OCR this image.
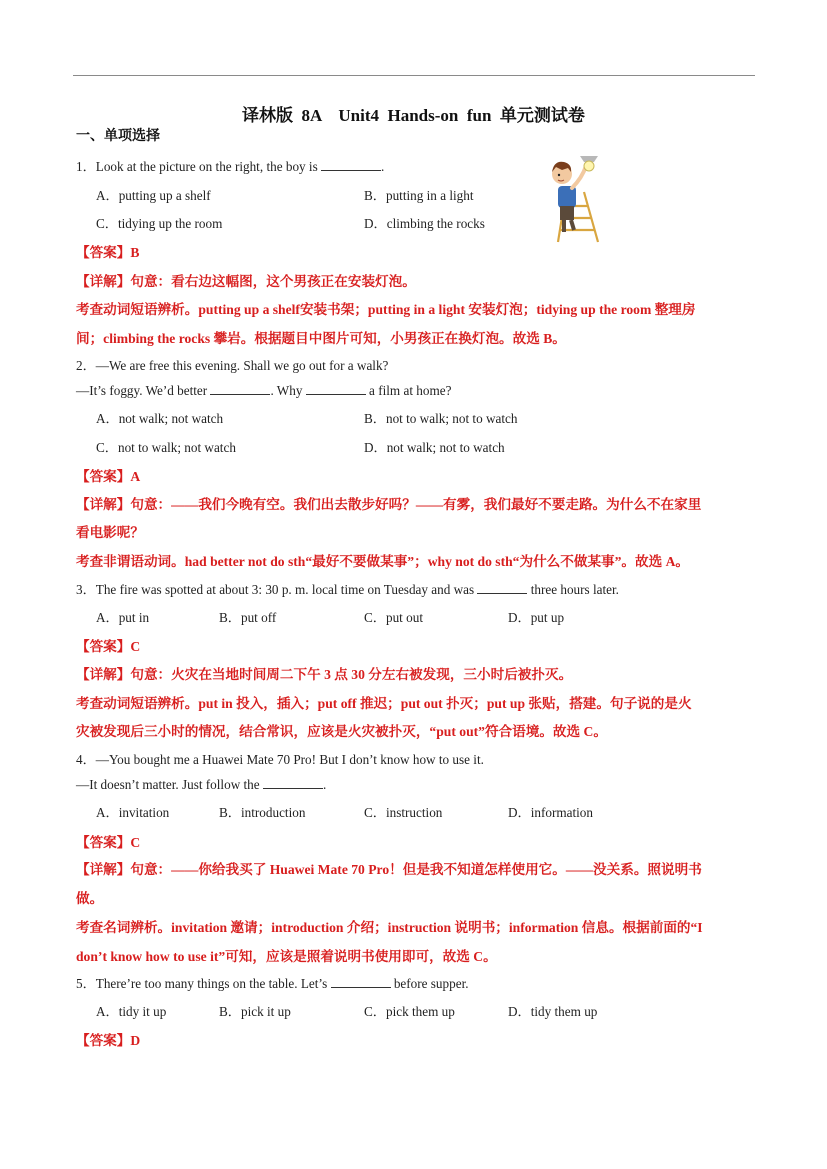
译林版  8A    Unit4  Hands-on  fun  单元测试卷
一、单项选择
1．Look at the picture on the right, the boy is	.
A．putting up a shelf	B．putting in a light
C．tidying up the room	D．climbing the rocks
【答案】B
【详解】句意：看右边这幅图，这个男孩正在安装灯泡。
考查动词短语辨析。putting up a shelf安装书架；putting in a light 安装灯泡；tidying up the room 整理房
间；climbing the rocks 攀岩。根据题目中图片可知，小男孩正在换灯泡。故选 B。
2．—We are free this evening. Shall we go out for a walk?
—It’s foggy. We’d better	. Why	a film at home?
A．not walk; not watch	B．not to walk; not to watch
C．not to walk; not watch	D．not walk; not to watch
【答案】A
【详解】句意：——我们今晚有空。我们出去散步好吗？——有雾，我们最好不要走路。为什么不在家里
看电影呢？
考查非谓语动词。had better not do sth“最好不要做某事”；why not do sth“为什么不做某事”。故选 A。
3．The fire was spotted at about 3: 30 p. m. local time on Tuesday and was	three hours later.
A．put in	B．put off	C．put out	D．put up
【答案】C
【详解】句意：火灾在当地时间周二下午 3 点 30 分左右被发现，三小时后被扑灭。
考查动词短语辨析。put in 投入，插入；put off 推迟；put out 扑灭；put up 张贴，搭建。句子说的是火
灾被发现后三小时的情况，结合常识，应该是火灾被扑灭，“put out”符合语境。故选 C。
4．—You bought me a Huawei Mate 70 Pro! But I don’t know how to use it.
—It doesn’t matter. Just follow the	.
A．invitation	B．introduction	C．instruction	D．information
【答案】C
【详解】句意：——你给我买了 Huawei Mate 70 Pro！但是我不知道怎样使用它。——没关系。照说明书
做。
考查名词辨析。invitation 邀请；introduction 介绍；instruction 说明书；information 信息。根据前面的“I
don’t know how to use it”可知，应该是照着说明书使用即可，故选 C。
5．There’re too many things on the table. Let’s	before supper.
A．tidy it up	B．pick it up	C．pick them up	D．tidy them up
【答案】D
